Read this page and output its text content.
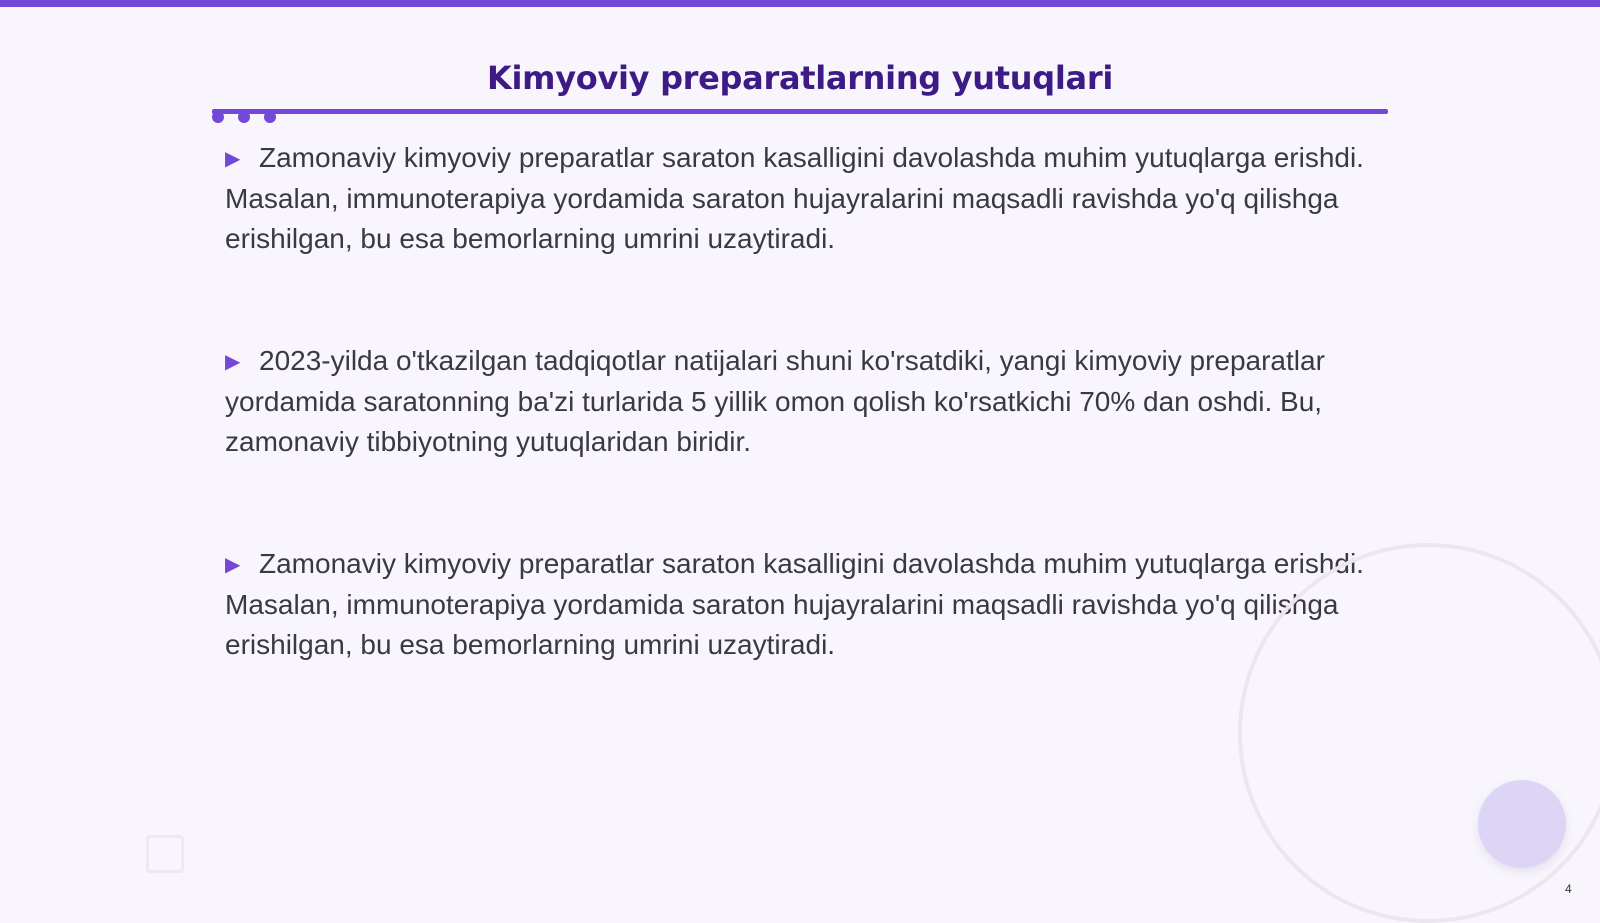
Kimyoviy preparatlarning yutuqlari

▶ Zamonaviy kimyoviy preparatlar saraton kasalligini davolashda muhim yutuqlarga erishdi. Masalan, immunoterapiya yordamida saraton hujayralarini maqsadli ravishda yo'q qilishga erishilgan, bu esa bemorlarning umrini uzaytiradi.

▶ 2023-yilda o'tkazilgan tadqiqotlar natijalari shuni ko'rsatdiki, yangi kimyoviy preparatlar yordamida saratonning ba'zi turlarida 5 yillik omon qolish ko'rsatkichi 70% dan oshdi. Bu, zamonaviy tibbiyotning yutuqlaridan biridir.

▶ Zamonaviy kimyoviy preparatlar saraton kasalligini davolashda muhim yutuqlarga erishdi. Masalan, immunoterapiya yordamida saraton hujayralarini maqsadli ravishda yo'q qilishga erishilgan, bu esa bemorlarning umrini uzaytiradi.

4
